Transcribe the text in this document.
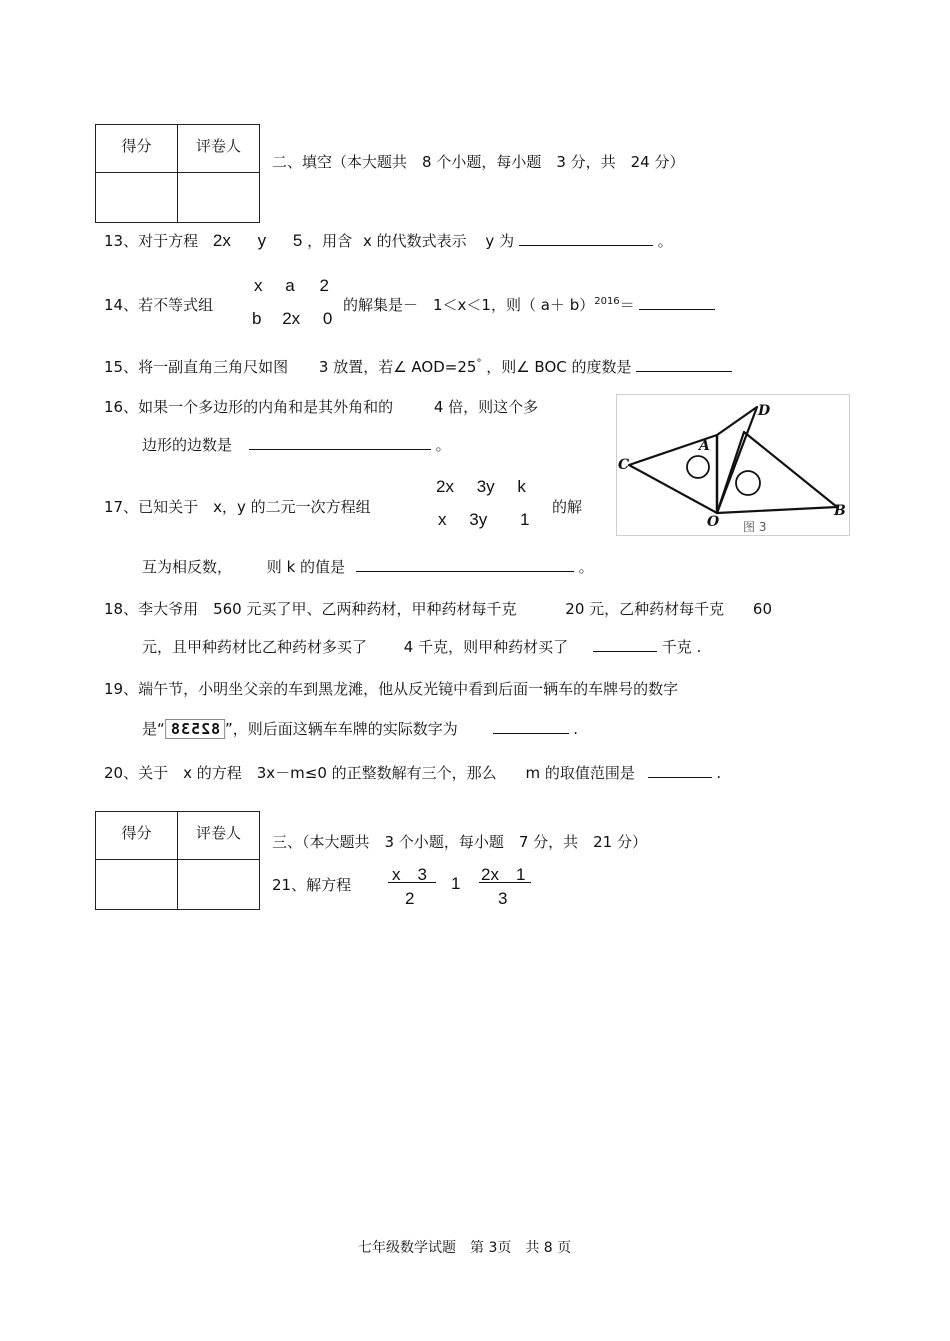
得分	评卷人

二、填空（本大题共　8 个小题，每小题　3 分，共　24 分）
13、对于方程 2x y 5 ，用含 x 的代数式表示 y 为	。
14、若不等式组
x a 2
b 2x 0
的解集是－　1＜x＜1，则（ a＋ b）$^{2016}$＝
15、将一副直角三角尺如图 3 放置，若∠ AOD=25° ，则∠ BOC 的度数是
16、如果一个多边形的内角和是其外角和的	4 倍，则这个多
边形的边数是	。
D
A
C
O
B
图 3
17、已知关于　x，y 的二元一次方程组
2x 3y k
x 3y 1
的解
互为相反数， 则 k 的值是	。
18、李大爷用　560 元买了甲、乙两种药材，甲种药材每千克	20 元，乙种药材每千克 60
元，且甲种药材比乙种药材多买了 4 千克，则甲种药材买了	千克 .
19、端午节，小明坐父亲的车到黑龙滩，他从反光镜中看到后面一辆车的车牌号的数字
是“ 82538 ”，则后面这辆车车牌的实际数字为	.
20、关于　x 的方程　3x－m≤0 的正整数解有三个，那么 m 的取值范围是	.
得分	评卷人
	三、（本大题共　3 个小题，每小题　7 分，共　21 分）
21、解方程
x　3
2
1 2x　1
3
七年级数学试题　第 3页　共 8 页
